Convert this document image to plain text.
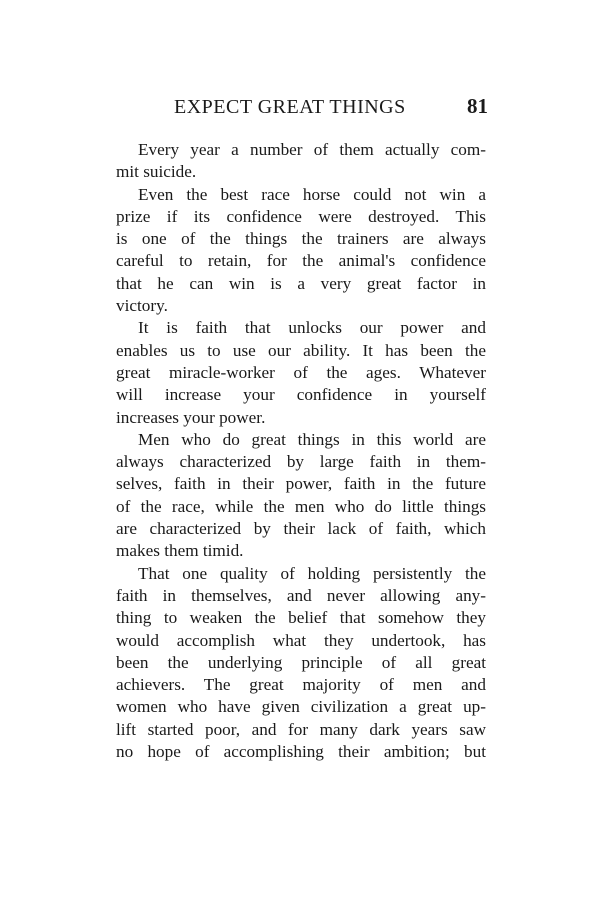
EXPECT GREAT THINGS	81
Every year a number of them actually com-
mit suicide.
Even the best race horse could not win a
prize if its confidence were destroyed. This
is one of the things the trainers are always
careful to retain, for the animal's confidence
that he can win is a very great factor in
victory.
It is faith that unlocks our power and
enables us to use our ability. It has been the
great miracle-worker of the ages. Whatever
will increase your confidence in yourself
increases your power.
Men who do great things in this world are
always characterized by large faith in them-
selves, faith in their power, faith in the future
of the race, while the men who do little things
are characterized by their lack of faith, which
makes them timid.
That one quality of holding persistently the
faith in themselves, and never allowing any-
thing to weaken the belief that somehow they
would accomplish what they undertook, has
been the underlying principle of all great
achievers. The great majority of men and
women who have given civilization a great up-
lift started poor, and for many dark years saw
no hope of accomplishing their ambition; but
